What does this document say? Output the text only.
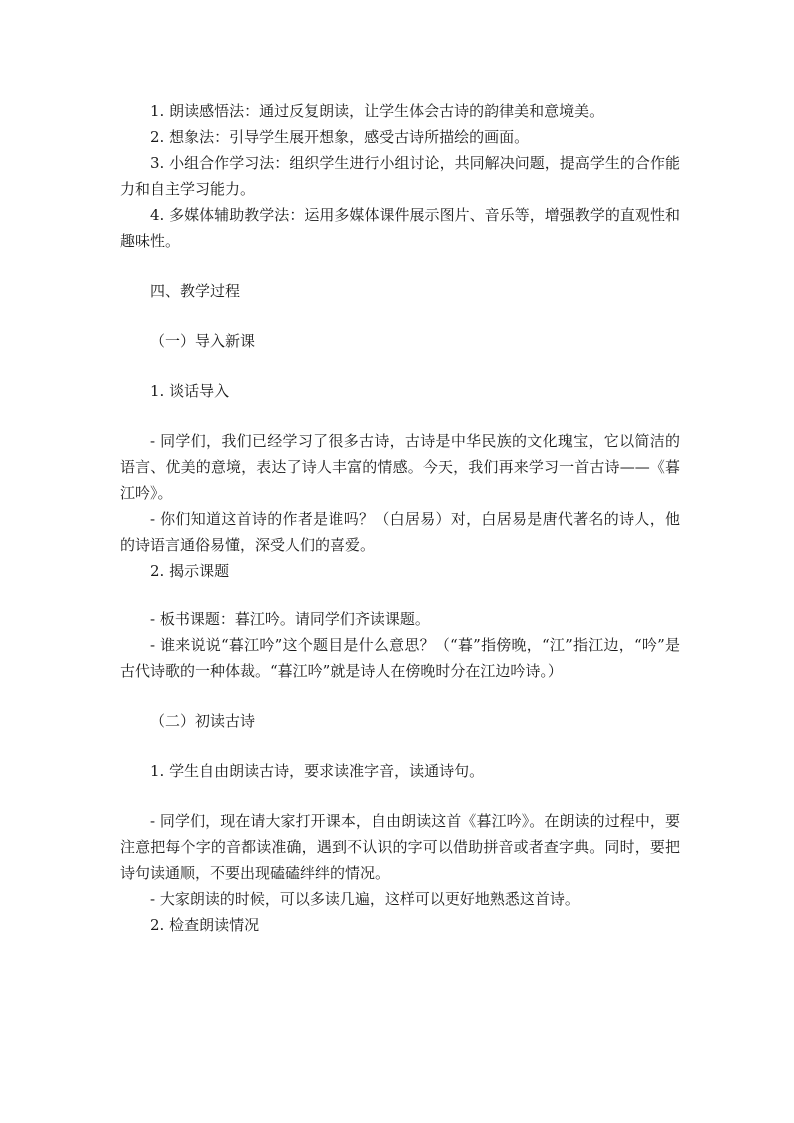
1. 朗读感悟法：通过反复朗读，让学生体会古诗的韵律美和意境美。

2. 想象法：引导学生展开想象，感受古诗所描绘的画面。

3. 小组合作学习法：组织学生进行小组讨论，共同解决问题，提高学生的合作能力和自主学习能力。

4. 多媒体辅助教学法：运用多媒体课件展示图片、音乐等，增强教学的直观性和趣味性。

四、教学过程

（一）导入新课

1. 谈话导入

- 同学们，我们已经学习了很多古诗，古诗是中华民族的文化瑰宝，它以简洁的语言、优美的意境，表达了诗人丰富的情感。今天，我们再来学习一首古诗——《暮江吟》。

- 你们知道这首诗的作者是谁吗？（白居易）对，白居易是唐代著名的诗人，他的诗语言通俗易懂，深受人们的喜爱。

2. 揭示课题

- 板书课题：暮江吟。请同学们齐读课题。

- 谁来说说“暮江吟”这个题目是什么意思？（“暮”指傍晚，“江”指江边，“吟”是古代诗歌的一种体裁。“暮江吟”就是诗人在傍晚时分在江边吟诗。）

（二）初读古诗

1. 学生自由朗读古诗，要求读准字音，读通诗句。

- 同学们，现在请大家打开课本，自由朗读这首《暮江吟》。在朗读的过程中，要注意把每个字的音都读准确，遇到不认识的字可以借助拼音或者查字典。同时，要把诗句读通顺，不要出现磕磕绊绊的情况。

- 大家朗读的时候，可以多读几遍，这样可以更好地熟悉这首诗。

2. 检查朗读情况
